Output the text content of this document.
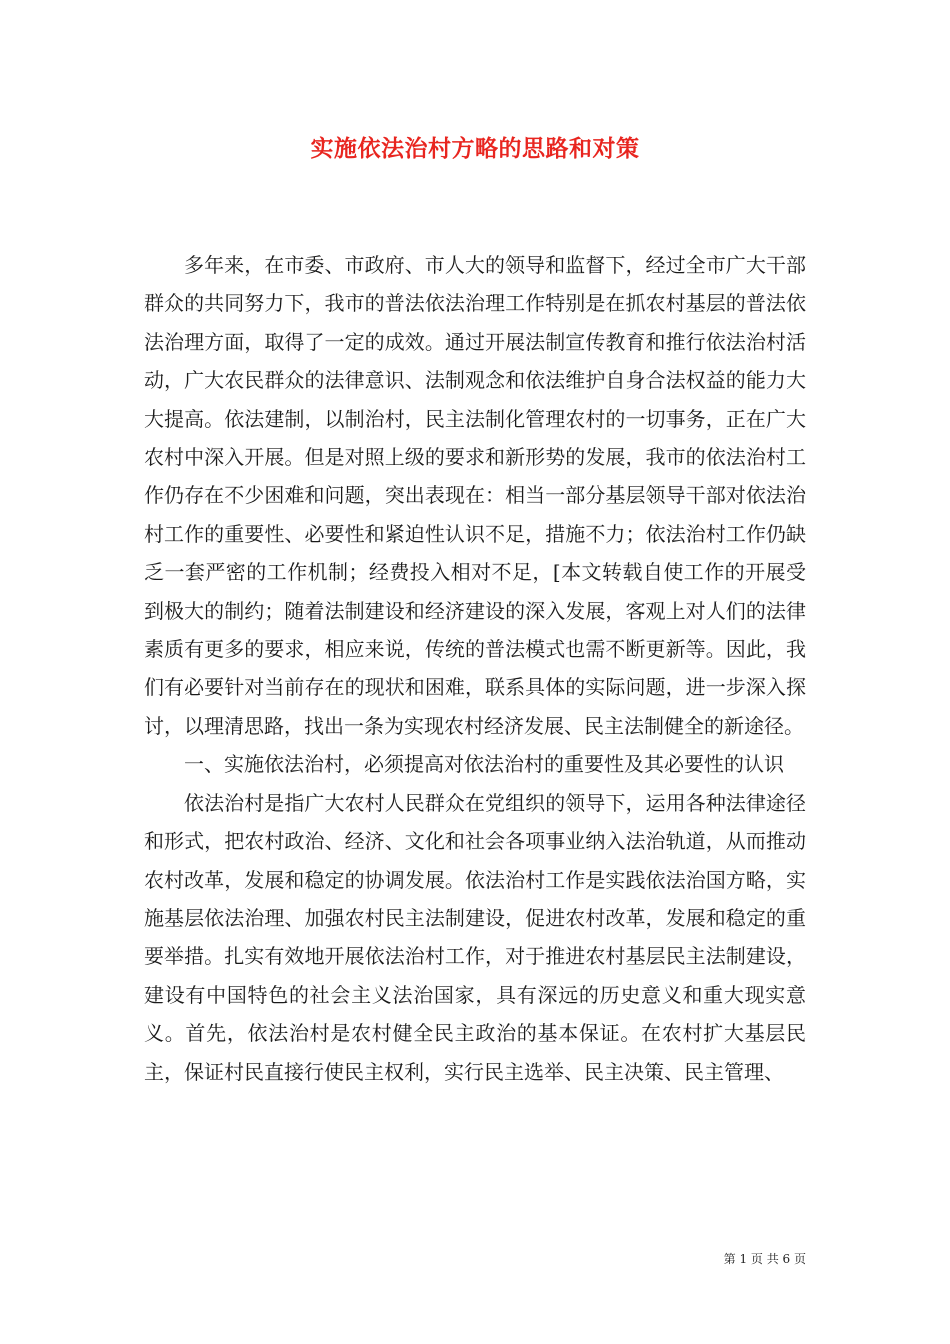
实施依法治村方略的思路和对策

多年来，在市委、市政府、市人大的领导和监督下，经过全市广大干部群众的共同努力下，我市的普法依法治理工作特别是在抓农村基层的普法依法治理方面，取得了一定的成效。通过开展法制宣传教育和推行依法治村活动，广大农民群众的法律意识、法制观念和依法维护自身合法权益的能力大大提高。依法建制，以制治村，民主法制化管理农村的一切事务，正在广大农村中深入开展。但是对照上级的要求和新形势的发展，我市的依法治村工作仍存在不少困难和问题，突出表现在：相当一部分基层领导干部对依法治村工作的重要性、必要性和紧迫性认识不足，措施不力；依法治村工作仍缺乏一套严密的工作机制；经费投入相对不足，[本文转载自使工作的开展受到极大的制约；随着法制建设和经济建设的深入发展，客观上对人们的法律素质有更多的要求，相应来说，传统的普法模式也需不断更新等。因此，我们有必要针对当前存在的现状和困难，联系具体的实际问题，进一步深入探讨，以理清思路，找出一条为实现农村经济发展、民主法制健全的新途径。

一、实施依法治村，必须提高对依法治村的重要性及其必要性的认识

依法治村是指广大农村人民群众在党组织的领导下，运用各种法律途径和形式，把农村政治、经济、文化和社会各项事业纳入法治轨道，从而推动农村改革，发展和稳定的协调发展。依法治村工作是实践依法治国方略，实施基层依法治理、加强农村民主法制建设，促进农村改革，发展和稳定的重要举措。扎实有效地开展依法治村工作，对于推进农村基层民主法制建设，建设有中国特色的社会主义法治国家，具有深远的历史意义和重大现实意义。首先，依法治村是农村健全民主政治的基本保证。在农村扩大基层民主，保证村民直接行使民主权利，实行民主选举、民主决策、民主管理、

第 1 页 共 6 页
